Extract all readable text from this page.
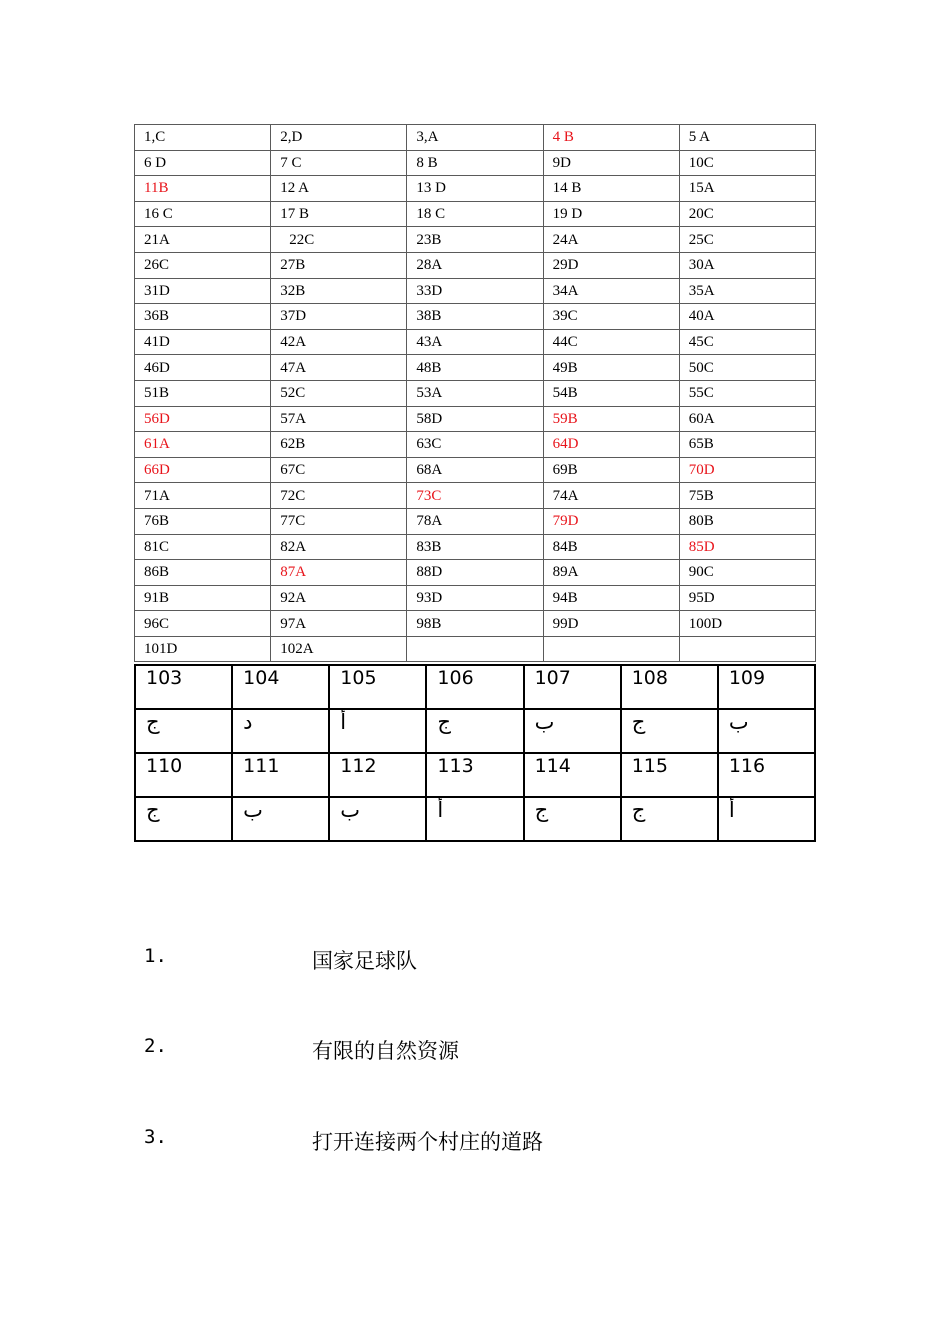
1,C	2,D	3,A	4 B	5 A
6 D	7 C	8 B	9D	10C
11B	12 A	13 D	14 B	15A
16 C	17 B	18 C	19 D	20C
21A	22C	23B	24A	25C
26C	27B	28A	29D	30A
31D	32B	33D	34A	35A
36B	37D	38B	39C	40A
41D	42A	43A	44C	45C
46D	47A	48B	49B	50C
51B	52C	53A	54B	55C
56D	57A	58D	59B	60A
61A	62B	63C	64D	65B
66D	67C	68A	69B	70D
71A	72C	73C	74A	75B
76B	77C	78A	79D	80B
81C	82A	83B	84B	85D
86B	87A	88D	89A	90C
91B	92A	93D	94B	95D
96C	97A	98B	99D	100D
101D	102A			
103	104	105	106	107	108	109
ج	د	أ	ج	ب	ج	ب
110	111	112	113	114	115	116
ج	ب	ب	أ	ج	ج	أ
1.	国家足球队
2.	有限的自然资源
3.	打开连接两个村庄的道路
